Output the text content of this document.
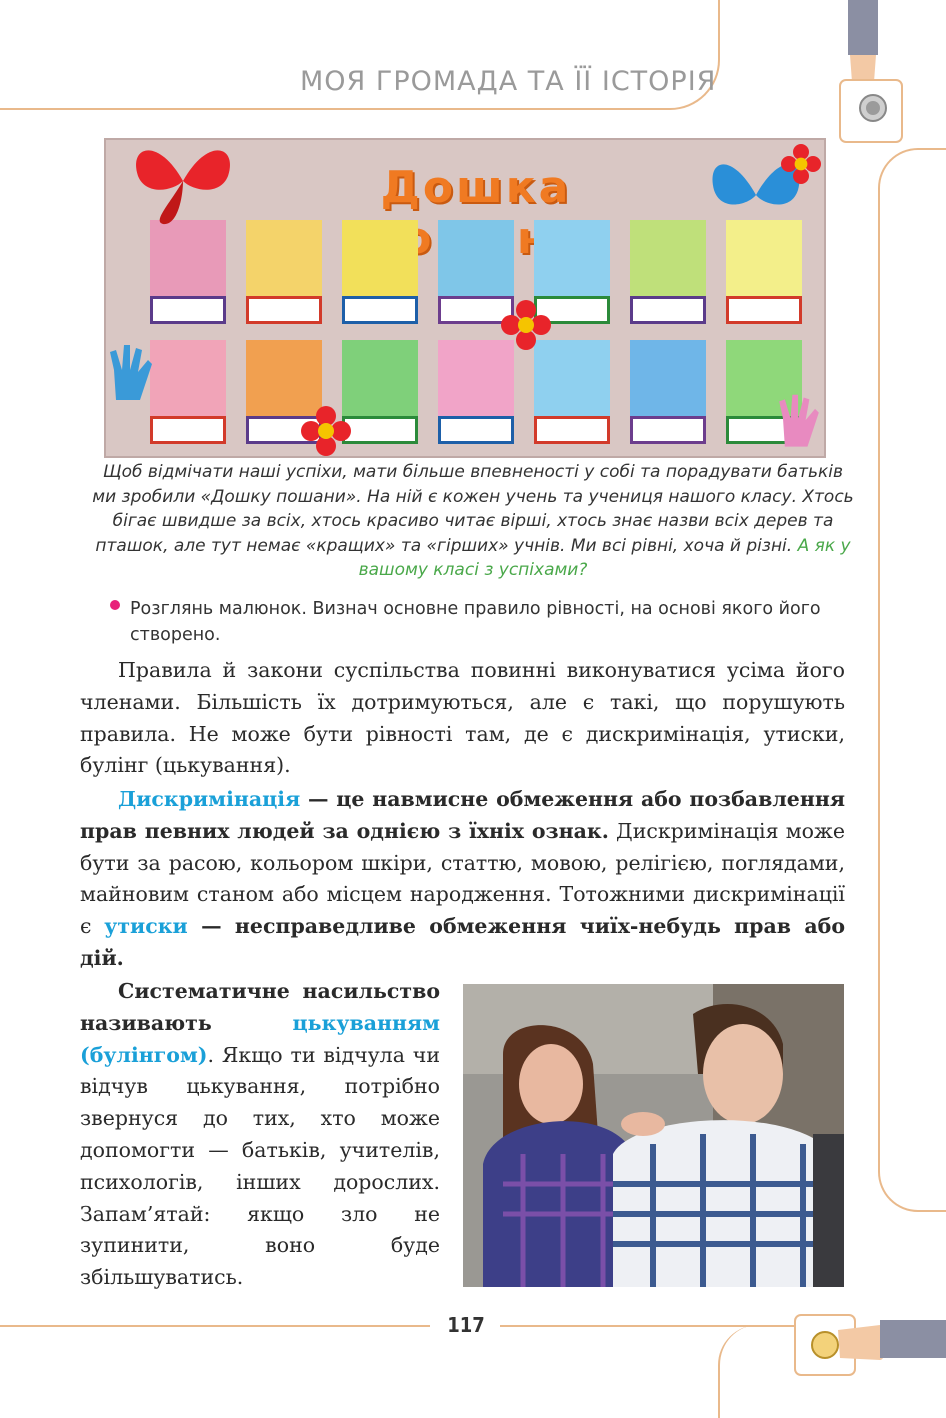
МОЯ ГРОМАДА ТА ЇЇ ІСТОРІЯ
Дошка
Щоб відмічати наші успіхи, мати більше впевненості у собі та порадувати батьків ми зробили «Дошку пошани». На ній є кожен учень та учениця нашого класу. Хтось бігає швидше за всіх, хтось красиво читає вірші, хтось знає назви всіх дерев та пташок, але тут немає «кращих» та «гірших» учнів. Ми всі рівні, хоча й різні. А як у вашому класі з успіхами?
Розглянь малюнок. Визнач основне правило рівності, на основі якого його створено.
Правила й закони суспільства повинні виконуватися усіма його членами. Більшість їх дотримуються, але є такі, що порушують правила. Не може бути рівності там, де є дискримінація, утиски, булінг (цькування).
Дискримінація — це навмисне обмеження або позбавлення прав певних людей за однією з їхніх ознак. Дискримінація може бути за расою, кольором шкіри, статтю, мовою, релігією, поглядами, майновим станом або місцем народження. Тотожними дискримінації є утиски — несправедливе обмеження чиїх-небудь прав або дій.
Систематичне насильство називають цькуванням (булінгом). Якщо ти відчула чи відчув цькування, потрібно звернуся до тих, хто може допомогти — батьків, учителів, психологів, інших дорослих. Запам’ятай: якщо зло не зупинити, воно буде збільшуватись.
117
